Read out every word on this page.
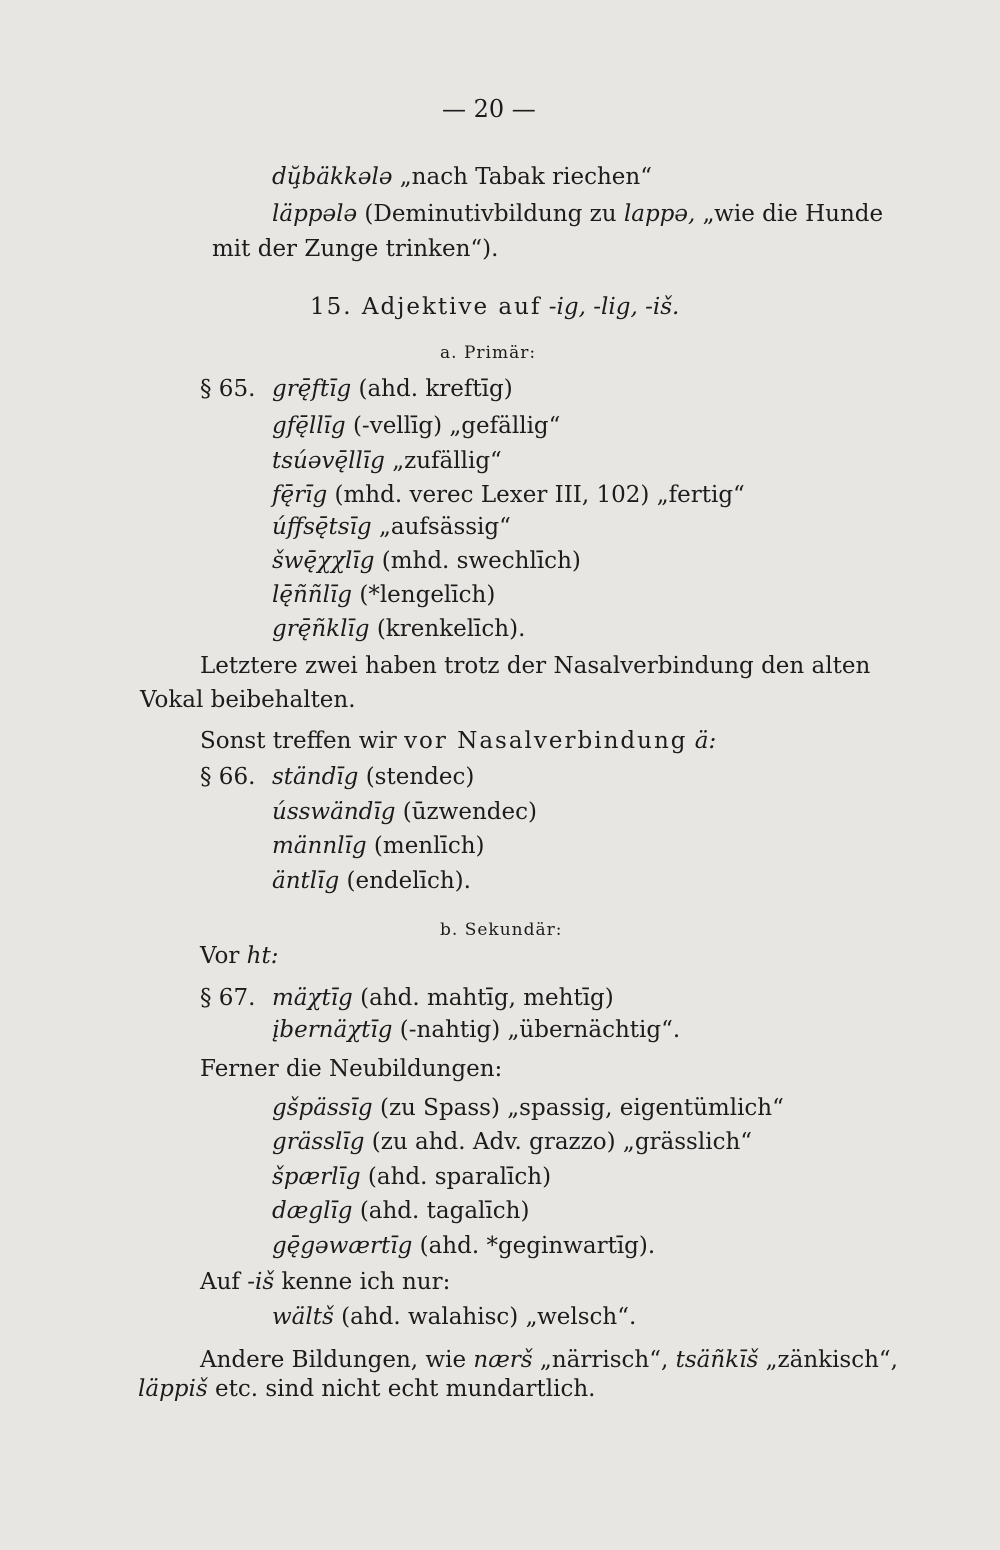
— 20 —
dŭ̧bäkkələ „nach Tabak riechen“
läppələ (Deminutivbildung zu lappə, „wie die Hunde
mit der Zunge trinken“).
15. Adjektive auf -ig, -lig, -iš.
a. Primär:
§ 65. grę̄ftīg (ahd. kreftīg)
gfę̄llīg (-vellīg) „gefällig“
tsúəvę̄llīg „zufällig“
fę̄rīg (mhd. verec Lexer III, 102) „fertig“
úffsę̄tsīg „aufsässig“
šwę̄χχlīg (mhd. swechlīch)
lę̄ññlīg (*lengelīch)
grę̄ñklīg (krenkelīch).
Letztere zwei haben trotz der Nasalverbindung den alten
Vokal beibehalten.
Sonst treffen wir vor Nasalverbindung ä:
§ 66. ständīg (stendec)
ússwändīg (ūzwendec)
männlīg (menlīch)
äntlīg (endelīch).
b. Sekundär:
Vor ht:
§ 67. mäχtīg (ahd. mahtīg, mehtīg)
įbernäχtīg (-nahtig) „übernächtig“.
Ferner die Neubildungen:
gšpässīg (zu Spass) „spassig, eigentümlich“
grässlīg (zu ahd. Adv. grazzo) „grässlich“
špærlīg (ahd. sparalīch)
dæglīg (ahd. tagalīch)
gę̄gəwærtīg (ahd. *geginwartīg).
Auf -iš kenne ich nur:
wältš (ahd. walahisc) „welsch“.
Andere Bildungen, wie nærš „närrisch“, tsäñkīš „zänkisch“,
läppiš etc. sind nicht echt mundartlich.
